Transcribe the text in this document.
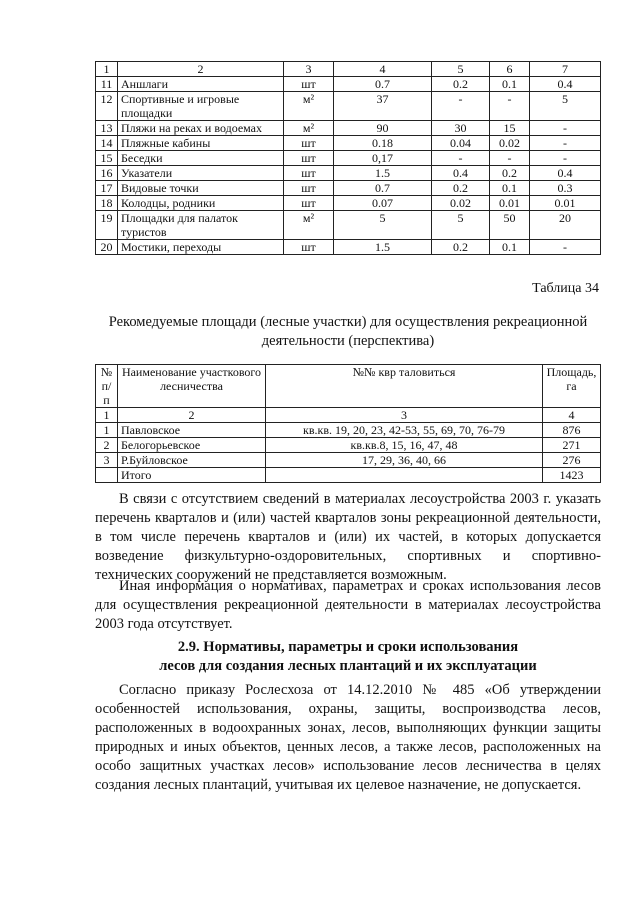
1	2	3	4	5	6	7
11	Аншлаги	шт	0.7	0.2	0.1	0.4
12	Спортивные и игровые площадки	м²	37	-	-	5
13	Пляжи на реках и водоемах	м²	90	30	15	-
14	Пляжные кабины	шт	0.18	0.04	0.02	-
15	Беседки	шт	0,17	-	-	-
16	Указатели	шт	1.5	0.4	0.2	0.4
17	Видовые точки	шт	0.7	0.2	0.1	0.3
18	Колодцы, родники	шт	0.07	0.02	0.01	0.01
19	Площадки для палаток туристов	м²	5	5	50	20
20	Мостики, переходы	шт	1.5	0.2	0.1	-
Таблица 34
Рекомедуемые площади (лесные участки) для осуществления рекреационной деятельности (перспектива)
№ п/п	Наименование участкового лесничества	№№ квр таловиться	Площадь, га
1	2	3	4
1	Павловское	кв.кв. 19, 20, 23, 42-53, 55, 69, 70, 76-79	876
2	Белогорьевское	кв.кв.8, 15, 16, 47, 48	271
3	Р.Буйловское	17, 29, 36, 40, 66	276
	Итого		1423

В связи с отсутствием сведений в материалах лесоустройства 2003 г. указать перечень кварталов и (или) частей кварталов зоны рекреационной деятельности, в том числе перечень кварталов и (или) их частей, в которых допускается возведение физкультурно-оздоровительных, спортивных и спортивно-технических сооружений не представляется возможным.

Иная информация о нормативах, параметрах и сроках использования лесов для осуществления рекреационной деятельности в материалах лесоустройства 2003 года отсутствует.

2.9. Нормативы, параметры и сроки использования
лесов для создания лесных плантаций и их эксплуатации

Согласно приказу Рослесхоза от 14.12.2010 № 485 «Об утверждении особенностей использования, охраны, защиты, воспроизводства лесов, расположенных в водоохранных зонах, лесов, выполняющих функции защиты природных и иных объектов, ценных лесов, а также лесов, расположенных на особо защитных участках лесов» использование лесов лесничества в целях создания лесных плантаций, учитывая их целевое назначение, не допускается.
